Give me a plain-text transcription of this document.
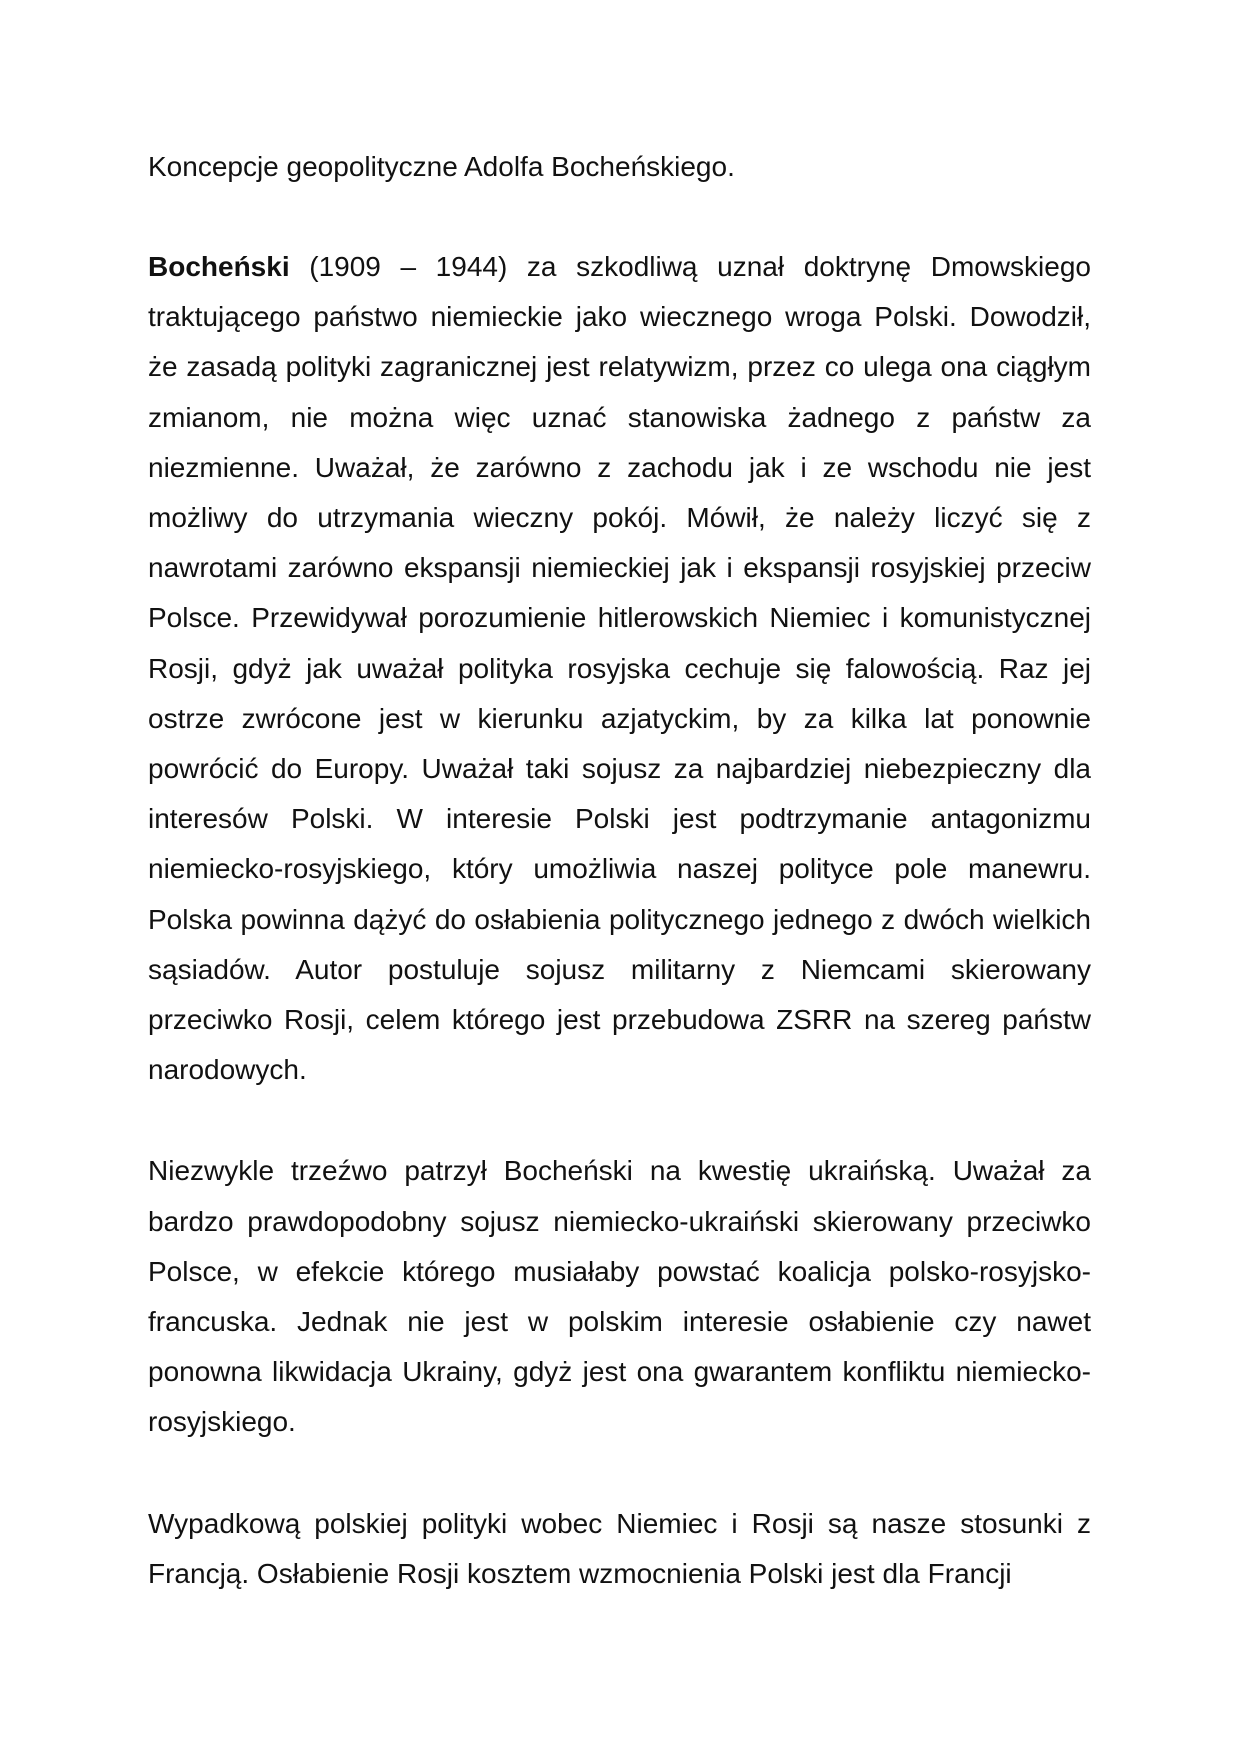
Koncepcje geopolityczne Adolfa Bocheńskiego.

Bocheński (1909 – 1944) za szkodliwą uznał doktrynę Dmowskiego traktującego państwo niemieckie jako wiecznego wroga Polski. Dowodził, że zasadą polityki zagranicznej jest relatywizm, przez co ulega ona ciągłym zmianom, nie można więc uznać stanowiska żadnego z państw za niezmienne. Uważał, że zarówno z zachodu jak i ze wschodu nie jest możliwy do utrzymania wieczny pokój. Mówił, że należy liczyć się z nawrotami zarówno ekspansji niemieckiej jak i ekspansji rosyjskiej przeciw Polsce. Przewidywał porozumienie hitlerowskich Niemiec i komunistycznej Rosji, gdyż jak uważał polityka rosyjska cechuje się falowością. Raz jej ostrze zwrócone jest w kierunku azjatyckim, by za kilka lat ponownie powrócić do Europy. Uważał taki sojusz za najbardziej niebezpieczny dla interesów Polski. W interesie Polski jest podtrzymanie antagonizmu niemiecko-rosyjskiego, który umożliwia naszej polityce pole manewru. Polska powinna dążyć do osłabienia politycznego jednego z dwóch wielkich sąsiadów. Autor postuluje sojusz militarny z Niemcami skierowany przeciwko Rosji, celem którego jest przebudowa ZSRR na szereg państw narodowych.

Niezwykle trzeźwo patrzył Bocheński na kwestię ukraińską. Uważał za bardzo prawdopodobny sojusz niemiecko-ukraiński skierowany przeciwko Polsce, w efekcie którego musiałaby powstać koalicja polsko-rosyjsko-francuska. Jednak nie jest w polskim interesie osłabienie czy nawet ponowna likwidacja Ukrainy, gdyż jest ona gwarantem konfliktu niemiecko-rosyjskiego.

Wypadkową polskiej polityki wobec Niemiec i Rosji są nasze stosunki z Francją. Osłabienie Rosji kosztem wzmocnienia Polski jest dla Francji
